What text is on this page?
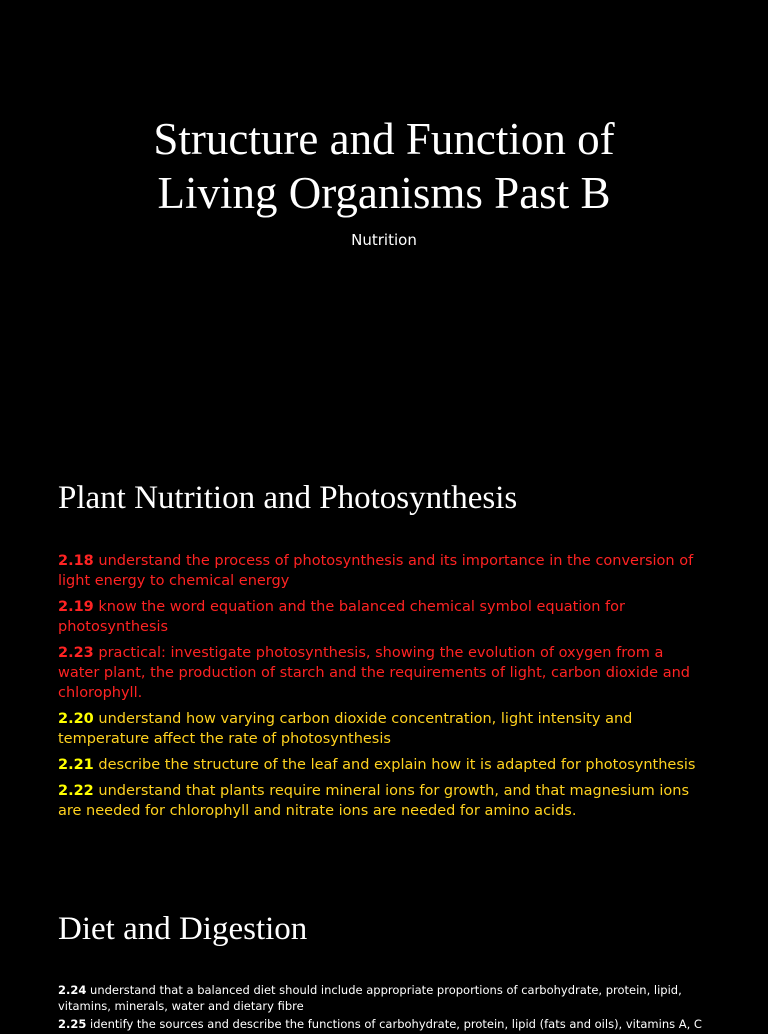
Structure and Function of
Living Organisms Past B
Nutrition
Plant Nutrition and Photosynthesis
2.18 understand the process of photosynthesis and its importance in the conversion of light energy to chemical energy
2.19 know the word equation and the balanced chemical symbol equation for photosynthesis
2.23 practical: investigate photosynthesis, showing the evolution of oxygen from a water plant, the production of starch and the requirements of light, carbon dioxide and chlorophyll.
2.20 understand how varying carbon dioxide concentration, light intensity and temperature affect the rate of photosynthesis
2.21 describe the structure of the leaf and explain how it is adapted for photosynthesis
2.22 understand that plants require mineral ions for growth, and that magnesium ions are needed for chlorophyll and nitrate ions are needed for amino acids.
Diet and Digestion
2.24 understand that a balanced diet should include appropriate proportions of carbohydrate, protein, lipid, vitamins, minerals, water and dietary fibre
2.25 identify the sources and describe the functions of carbohydrate, protein, lipid (fats and oils), vitamins A, C
